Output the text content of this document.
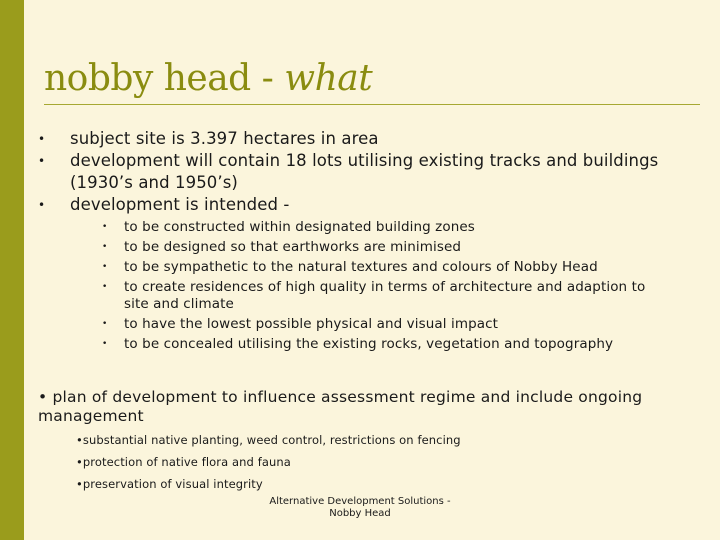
nobby head - what
• subject site is 3.397 hectares in area
• development will contain 18 lots utilising existing tracks and buildings (1930’s and 1950’s)
• development is intended -
• to be constructed within designated building zones
• to be designed so that earthworks are minimised
• to be sympathetic to the natural textures and colours of Nobby Head
• to create residences of high quality in terms of architecture and adaption to site and climate
• to have the lowest possible physical and visual impact
• to be concealed utilising the existing rocks, vegetation and topography
• plan of development to influence assessment regime and include ongoing management
•substantial native planting, weed control, restrictions on fencing
•protection of native flora and fauna
•preservation of visual integrity
Alternative Development Solutions - Nobby Head
